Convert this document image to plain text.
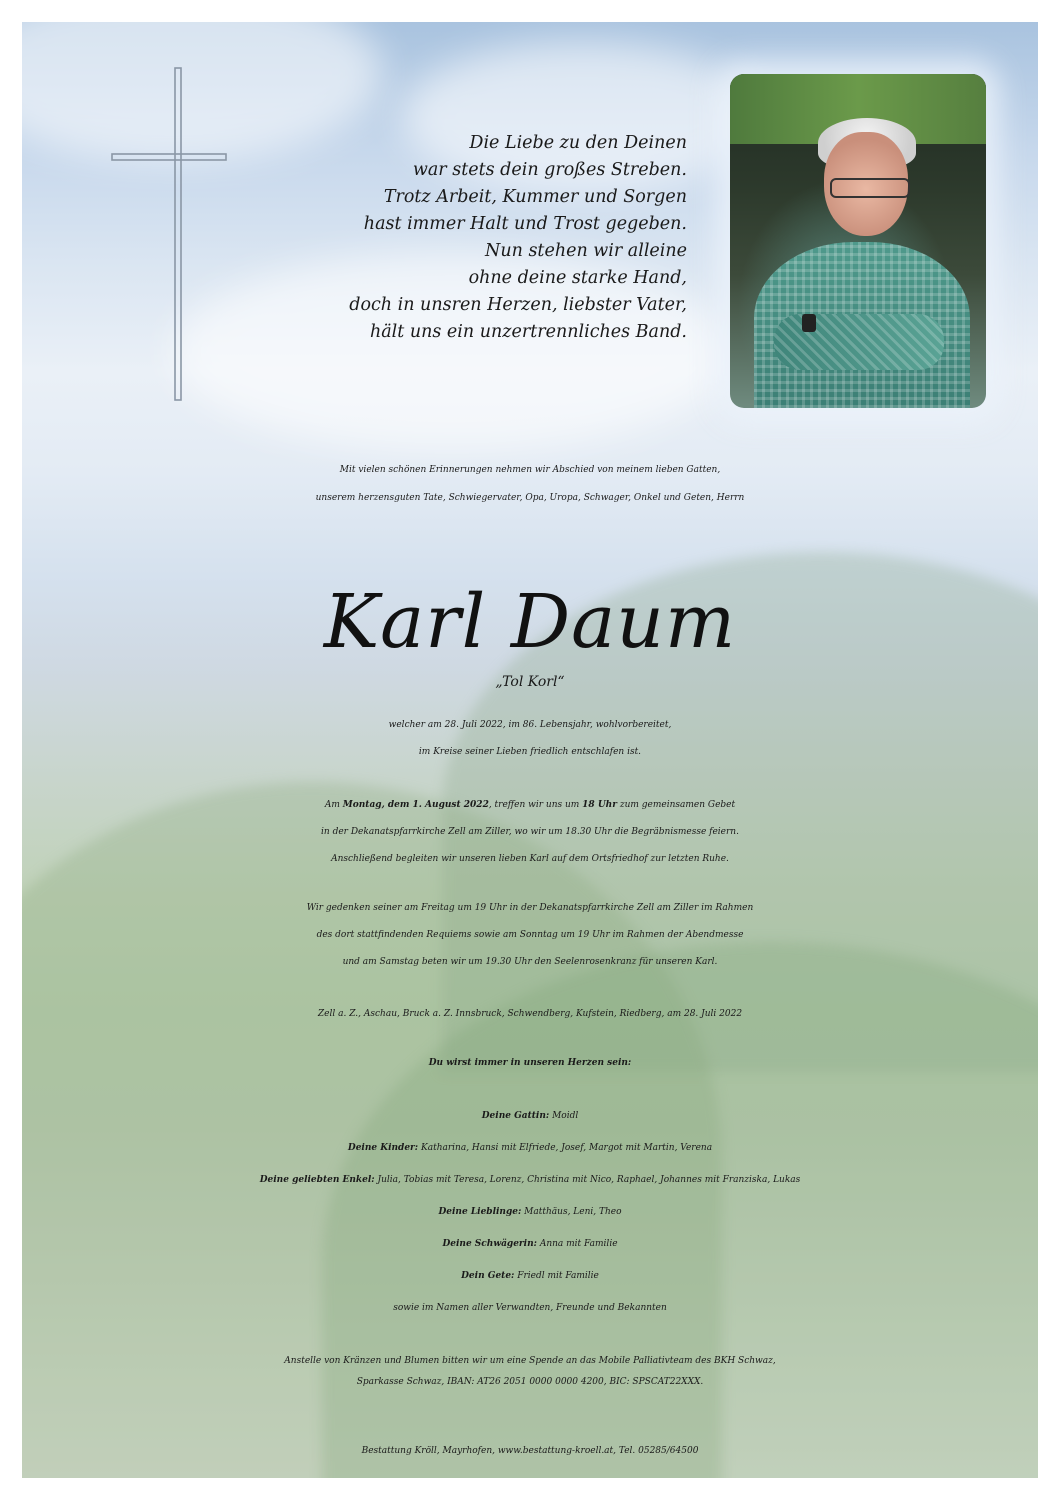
Die Liebe zu den Deinen
war stets dein großes Streben.
Trotz Arbeit, Kummer und Sorgen
hast immer Halt und Trost gegeben.
Nun stehen wir alleine
ohne deine starke Hand,
doch in unsren Herzen, liebster Vater,
hält uns ein unzertrennliches Band.
Mit vielen schönen Erinnerungen nehmen wir Abschied von meinem lieben Gatten,
unserem herzensguten Tate, Schwiegervater, Opa, Uropa, Schwager, Onkel und Geten, Herrn
Karl Daum
„Tol Korl“
welcher am 28. Juli 2022, im 86. Lebensjahr, wohlvorbereitet,
im Kreise seiner Lieben friedlich entschlafen ist.
Am Montag, dem 1. August 2022, treffen wir uns um 18 Uhr zum gemeinsamen Gebet
in der Dekanatspfarrkirche Zell am Ziller, wo wir um 18.30 Uhr die Begräbnismesse feiern.
Anschließend begleiten wir unseren lieben Karl auf dem Ortsfriedhof zur letzten Ruhe.
Wir gedenken seiner am Freitag um 19 Uhr in der Dekanatspfarrkirche Zell am Ziller im Rahmen
des dort stattfindenden Requiems sowie am Sonntag um 19 Uhr im Rahmen der Abendmesse
und am Samstag beten wir um 19.30 Uhr den Seelenrosenkranz für unseren Karl.
Zell a. Z., Aschau, Bruck a. Z. Innsbruck, Schwendberg, Kufstein, Riedberg, am 28. Juli 2022
Du wirst immer in unseren Herzen sein:
Deine Gattin: Moidl
Deine Kinder: Katharina, Hansi mit Elfriede, Josef, Margot mit Martin, Verena
Deine geliebten Enkel: Julia, Tobias mit Teresa, Lorenz, Christina mit Nico, Raphael, Johannes mit Franziska, Lukas
Deine Lieblinge: Matthäus, Leni, Theo
Deine Schwägerin: Anna mit Familie
Dein Gete: Friedl mit Familie
sowie im Namen aller Verwandten, Freunde und Bekannten
Anstelle von Kränzen und Blumen bitten wir um eine Spende an das Mobile Palliativteam des BKH Schwaz,
Sparkasse Schwaz, IBAN: AT26 2051 0000 0000 4200, BIC: SPSCAT22XXX.
Bestattung Kröll, Mayrhofen, www.bestattung-kroell.at, Tel. 05285/64500
